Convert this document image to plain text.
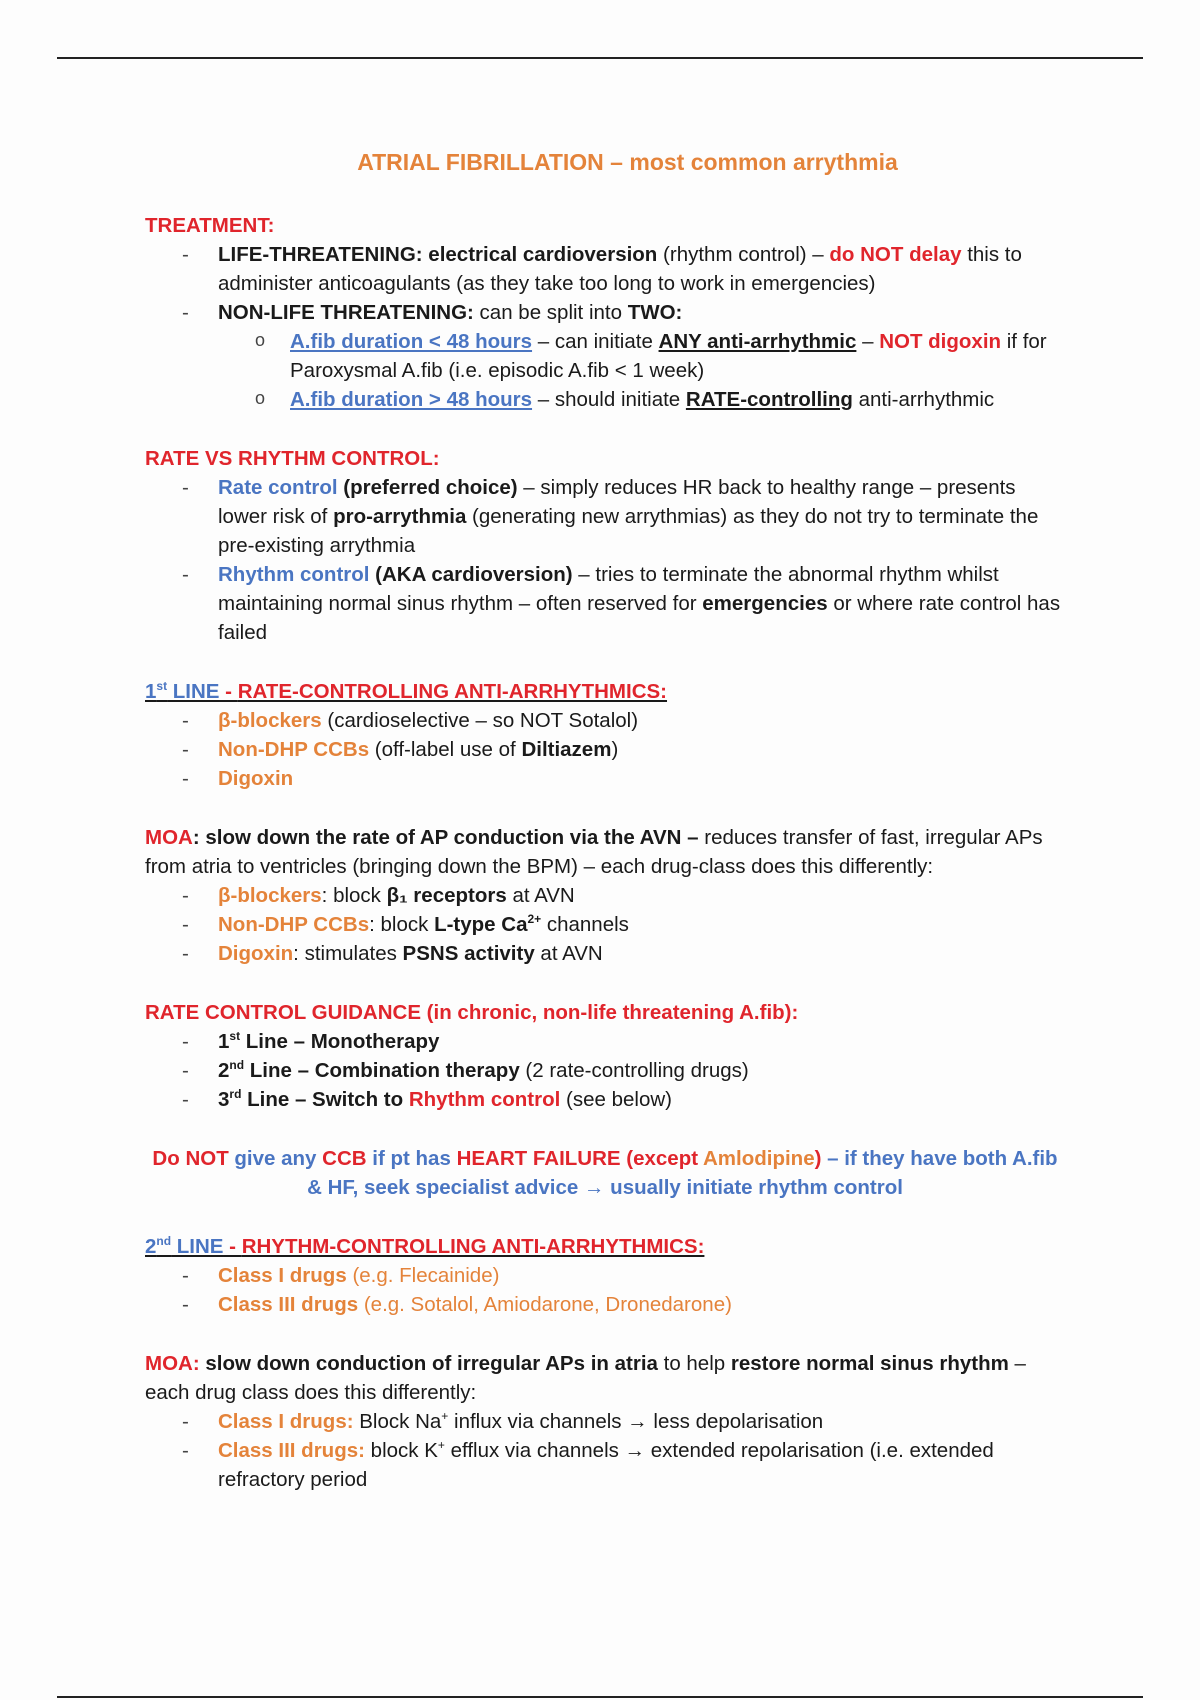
ATRIAL FIBRILLATION – most common arrythmia

TREATMENT:

- LIFE-THREATENING: electrical cardioversion (rhythm control) – do NOT delay this to administer anticoagulants (as they take too long to work in emergencies)
- NON-LIFE THREATENING: can be split into TWO:
o A.fib duration < 48 hours – can initiate ANY anti-arrhythmic – NOT digoxin if for Paroxysmal A.fib (i.e. episodic A.fib < 1 week)
o A.fib duration > 48 hours – should initiate RATE-controlling anti-arrhythmic

RATE VS RHYTHM CONTROL:

- Rate control (preferred choice) – simply reduces HR back to healthy range – presents lower risk of pro-arrythmia (generating new arrythmias) as they do not try to terminate the pre-existing arrythmia
- Rhythm control (AKA cardioversion) – tries to terminate the abnormal rhythm whilst maintaining normal sinus rhythm – often reserved for emergencies or where rate control has failed

1st LINE - RATE-CONTROLLING ANTI-ARRHYTHMICS:

- β-blockers (cardioselective – so NOT Sotalol)
- Non-DHP CCBs (off-label use of Diltiazem)
- Digoxin

MOA: slow down the rate of AP conduction via the AVN – reduces transfer of fast, irregular APs from atria to ventricles (bringing down the BPM) – each drug-class does this differently:

- β-blockers: block β₁ receptors at AVN
- Non-DHP CCBs: block L-type $Ca^{2+}$ channels
- Digoxin: stimulates PSNS activity at AVN

RATE CONTROL GUIDANCE (in chronic, non-life threatening A.fib):

- 1st Line – Monotherapy
- 2nd Line – Combination therapy (2 rate-controlling drugs)
- 3rd Line – Switch to Rhythm control (see below)
Do NOT give any CCB if pt has HEART FAILURE (except Amlodipine) – if they have both A.fib & HF, seek specialist advice → usually initiate rhythm control

2nd LINE - RHYTHM-CONTROLLING ANTI-ARRHYTHMICS:

- Class I drugs (e.g. Flecainide)
- Class III drugs (e.g. Sotalol, Amiodarone, Dronedarone)

MOA: slow down conduction of irregular APs in atria to help restore normal sinus rhythm – each drug class does this differently:

- Class I drugs: Block Na+ influx via channels → less depolarisation
- Class III drugs: block K+ efflux via channels → extended repolarisation (i.e. extended refractory period
